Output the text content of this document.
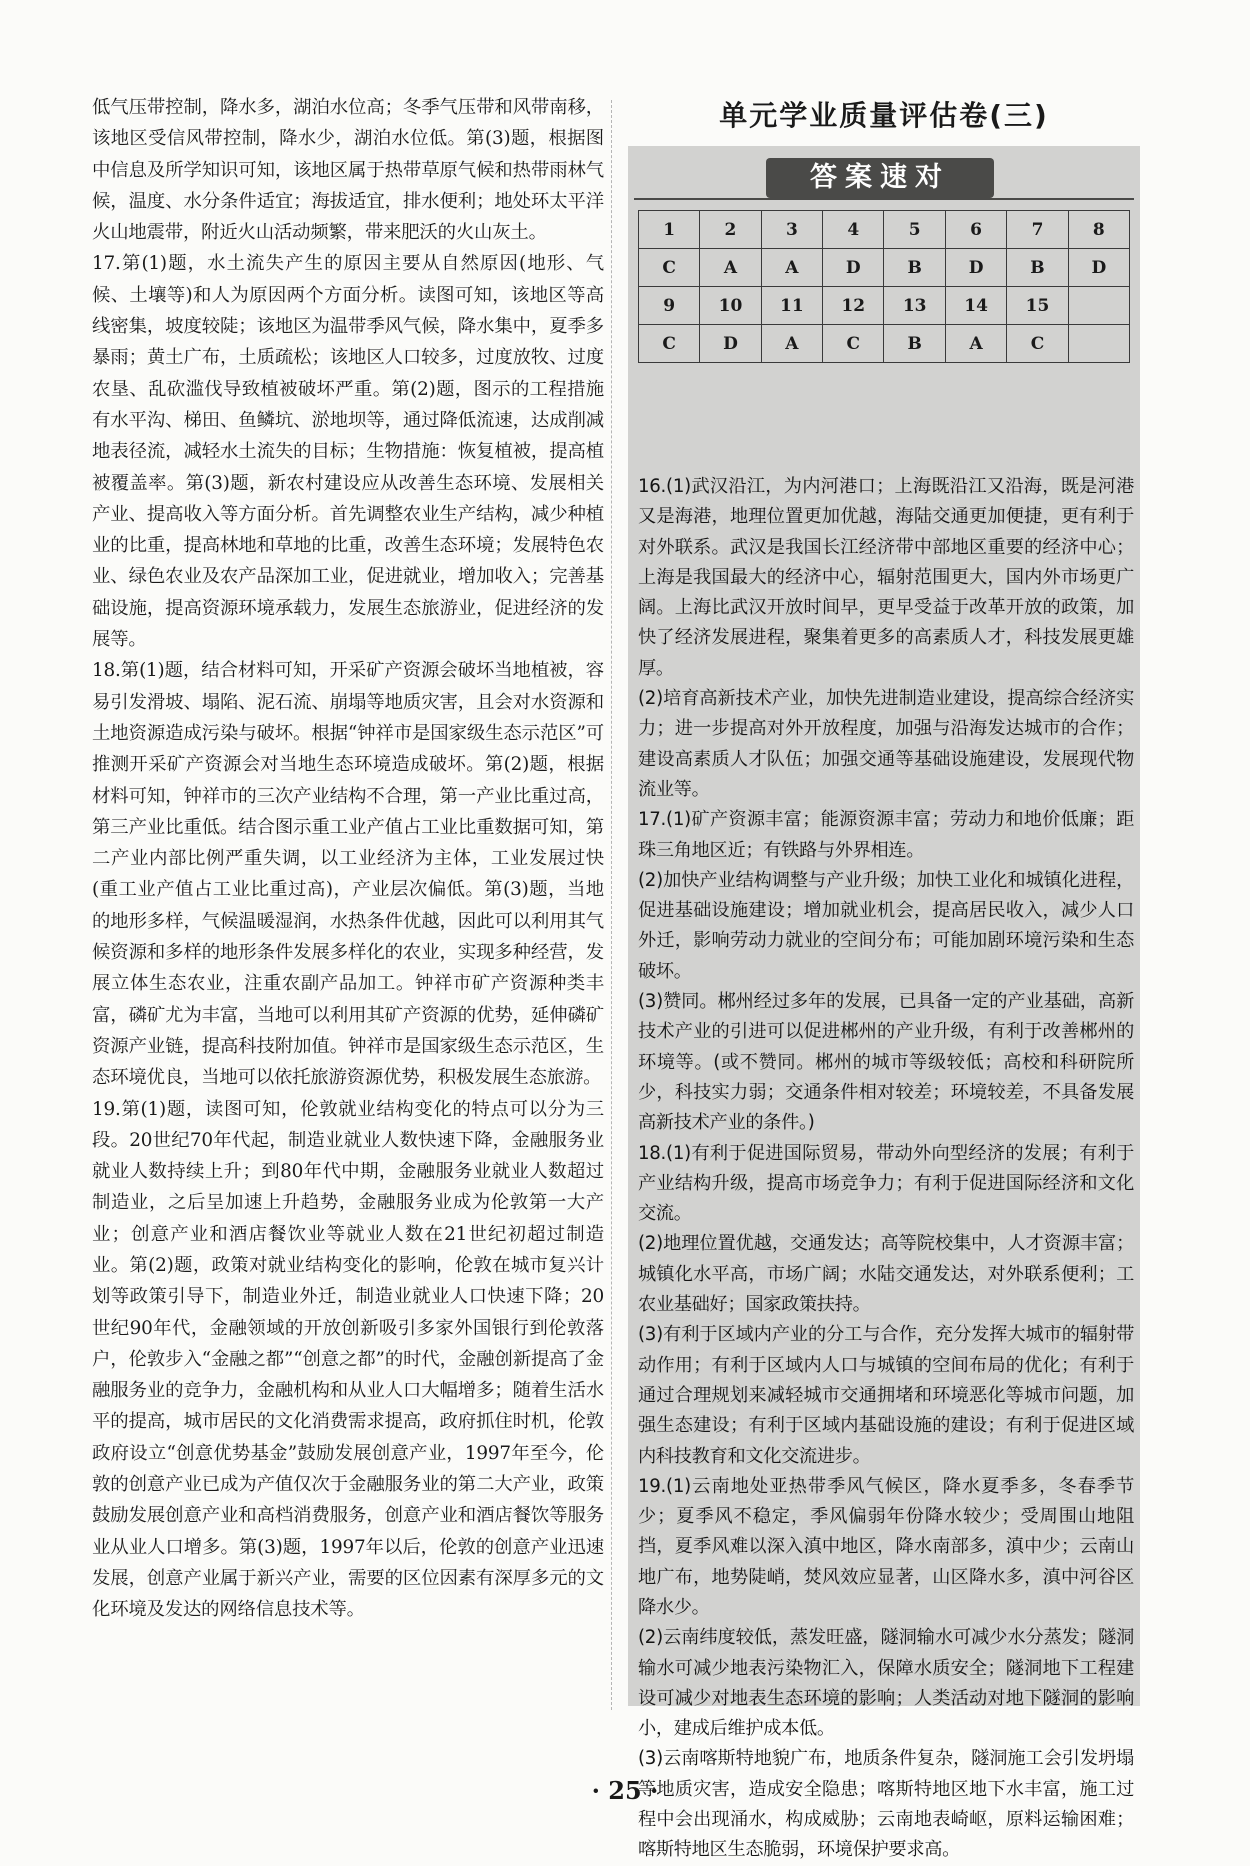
低气压带控制，降水多，湖泊水位高；冬季气压带和风带南移，该地区受信风带控制，降水少，湖泊水位低。第(3)题，根据图中信息及所学知识可知，该地区属于热带草原气候和热带雨林气候，温度、水分条件适宜；海拔适宜，排水便利；地处环太平洋火山地震带，附近火山活动频繁，带来肥沃的火山灰土。

17.第(1)题，水土流失产生的原因主要从自然原因(地形、气候、土壤等)和人为原因两个方面分析。读图可知，该地区等高线密集，坡度较陡；该地区为温带季风气候，降水集中，夏季多暴雨；黄土广布，土质疏松；该地区人口较多，过度放牧、过度农垦、乱砍滥伐导致植被破坏严重。第(2)题，图示的工程措施有水平沟、梯田、鱼鳞坑、淤地坝等，通过降低流速，达成削减地表径流，减轻水土流失的目标；生物措施：恢复植被，提高植被覆盖率。第(3)题，新农村建设应从改善生态环境、发展相关产业、提高收入等方面分析。首先调整农业生产结构，减少种植业的比重，提高林地和草地的比重，改善生态环境；发展特色农业、绿色农业及农产品深加工业，促进就业，增加收入；完善基础设施，提高资源环境承载力，发展生态旅游业，促进经济的发展等。

18.第(1)题，结合材料可知，开采矿产资源会破坏当地植被，容易引发滑坡、塌陷、泥石流、崩塌等地质灾害，且会对水资源和土地资源造成污染与破坏。根据“钟祥市是国家级生态示范区”可推测开采矿产资源会对当地生态环境造成破坏。第(2)题，根据材料可知，钟祥市的三次产业结构不合理，第一产业比重过高，第三产业比重低。结合图示重工业产值占工业比重数据可知，第二产业内部比例严重失调，以工业经济为主体，工业发展过快(重工业产值占工业比重过高)，产业层次偏低。第(3)题，当地的地形多样，气候温暖湿润，水热条件优越，因此可以利用其气候资源和多样的地形条件发展多样化的农业，实现多种经营，发展立体生态农业，注重农副产品加工。钟祥市矿产资源种类丰富，磷矿尤为丰富，当地可以利用其矿产资源的优势，延伸磷矿资源产业链，提高科技附加值。钟祥市是国家级生态示范区，生态环境优良，当地可以依托旅游资源优势，积极发展生态旅游。

19.第(1)题，读图可知，伦敦就业结构变化的特点可以分为三段。20世纪70年代起，制造业就业人数快速下降，金融服务业就业人数持续上升；到80年代中期，金融服务业就业人数超过制造业，之后呈加速上升趋势，金融服务业成为伦敦第一大产业；创意产业和酒店餐饮业等就业人数在21世纪初超过制造业。第(2)题，政策对就业结构变化的影响，伦敦在城市复兴计划等政策引导下，制造业外迁，制造业就业人口快速下降；20世纪90年代，金融领域的开放创新吸引多家外国银行到伦敦落户，伦敦步入“金融之都”“创意之都”的时代，金融创新提高了金融服务业的竞争力，金融机构和从业人口大幅增多；随着生活水平的提高，城市居民的文化消费需求提高，政府抓住时机，伦敦政府设立“创意优势基金”鼓励发展创意产业，1997年至今，伦敦的创意产业已成为产值仅次于金融服务业的第二大产业，政策鼓励发展创意产业和高档消费服务，创意产业和酒店餐饮等服务业从业人口增多。第(3)题，1997年以后，伦敦的创意产业迅速发展，创意产业属于新兴产业，需要的区位因素有深厚多元的文化环境及发达的网络信息技术等。

单元学业质量评估卷(三)
答案速对
1	2	3	4	5	6	7	8
C	A	A	D	B	D	B	D
9	10	11	12	13	14	15	
C	D	A	C	B	A	C	

16.(1)武汉沿江，为内河港口；上海既沿江又沿海，既是河港又是海港，地理位置更加优越，海陆交通更加便捷，更有利于对外联系。武汉是我国长江经济带中部地区重要的经济中心；上海是我国最大的经济中心，辐射范围更大，国内外市场更广阔。上海比武汉开放时间早，更早受益于改革开放的政策，加快了经济发展进程，聚集着更多的高素质人才，科技发展更雄厚。

(2)培育高新技术产业，加快先进制造业建设，提高综合经济实力；进一步提高对外开放程度，加强与沿海发达城市的合作；建设高素质人才队伍；加强交通等基础设施建设，发展现代物流业等。

17.(1)矿产资源丰富；能源资源丰富；劳动力和地价低廉；距珠三角地区近；有铁路与外界相连。

(2)加快产业结构调整与产业升级；加快工业化和城镇化进程，促进基础设施建设；增加就业机会，提高居民收入，减少人口外迁，影响劳动力就业的空间分布；可能加剧环境污染和生态破坏。

(3)赞同。郴州经过多年的发展，已具备一定的产业基础，高新技术产业的引进可以促进郴州的产业升级，有利于改善郴州的环境等。(或不赞同。郴州的城市等级较低；高校和科研院所少，科技实力弱；交通条件相对较差；环境较差，不具备发展高新技术产业的条件。)

18.(1)有利于促进国际贸易，带动外向型经济的发展；有利于产业结构升级，提高市场竞争力；有利于促进国际经济和文化交流。

(2)地理位置优越，交通发达；高等院校集中，人才资源丰富；城镇化水平高，市场广阔；水陆交通发达，对外联系便利；工农业基础好；国家政策扶持。

(3)有利于区域内产业的分工与合作，充分发挥大城市的辐射带动作用；有利于区域内人口与城镇的空间布局的优化；有利于通过合理规划来减轻城市交通拥堵和环境恶化等城市问题，加强生态建设；有利于区域内基础设施的建设；有利于促进区域内科技教育和文化交流进步。

19.(1)云南地处亚热带季风气候区，降水夏季多，冬春季节少；夏季风不稳定，季风偏弱年份降水较少；受周围山地阻挡，夏季风难以深入滇中地区，降水南部多，滇中少；云南山地广布，地势陡峭，焚风效应显著，山区降水多，滇中河谷区降水少。

(2)云南纬度较低，蒸发旺盛，隧洞输水可减少水分蒸发；隧洞输水可减少地表污染物汇入，保障水质安全；隧洞地下工程建设可减少对地表生态环境的影响；人类活动对地下隧洞的影响小，建成后维护成本低。

(3)云南喀斯特地貌广布，地质条件复杂，隧洞施工会引发坍塌等地质灾害，造成安全隐患；喀斯特地区地下水丰富，施工过程中会出现涌水，构成威胁；云南地表崎岖，原料运输困难；喀斯特地区生态脆弱，环境保护要求高。

· 25 ·
